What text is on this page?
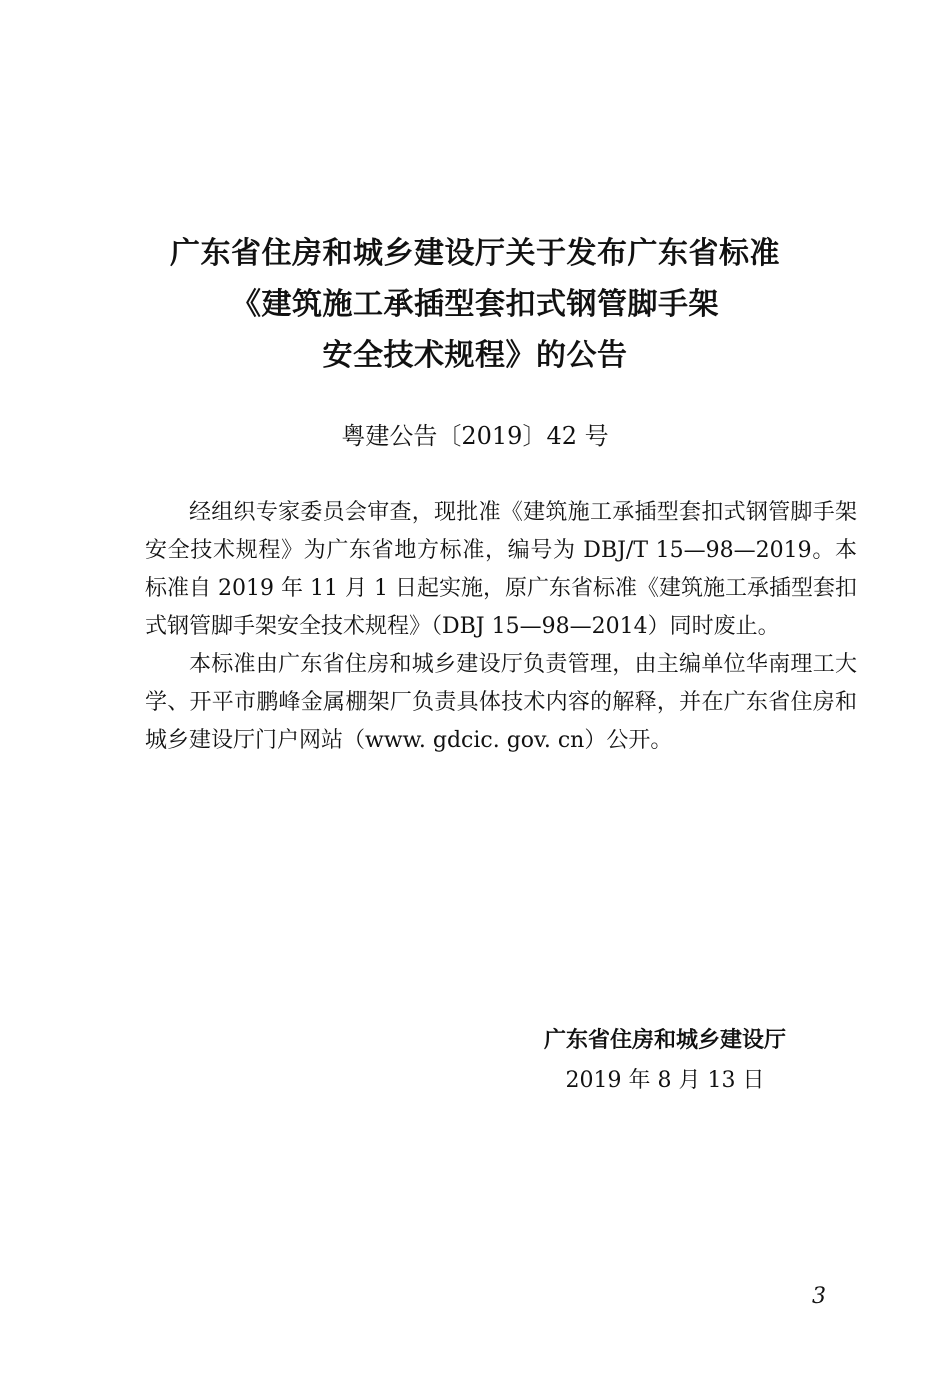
广东省住房和城乡建设厅关于发布广东省标准
《建筑施工承插型套扣式钢管脚手架
安全技术规程》的公告
粤建公告〔2019〕42 号

经组织专家委员会审查，现批准《建筑施工承插型套扣式钢管脚手架安全技术规程》为广东省地方标准，编号为 DBJ/T 15—98—2019。本标准自 2019 年 11 月 1 日起实施，原广东省标准《建筑施工承插型套扣式钢管脚手架安全技术规程》（DBJ 15—98—2014）同时废止。

本标准由广东省住房和城乡建设厅负责管理，由主编单位华南理工大学、开平市鹏峰金属棚架厂负责具体技术内容的解释，并在广东省住房和城乡建设厅门户网站（www. gdcic. gov. cn）公开。

广东省住房和城乡建设厅
2019 年 8 月 13 日
3
